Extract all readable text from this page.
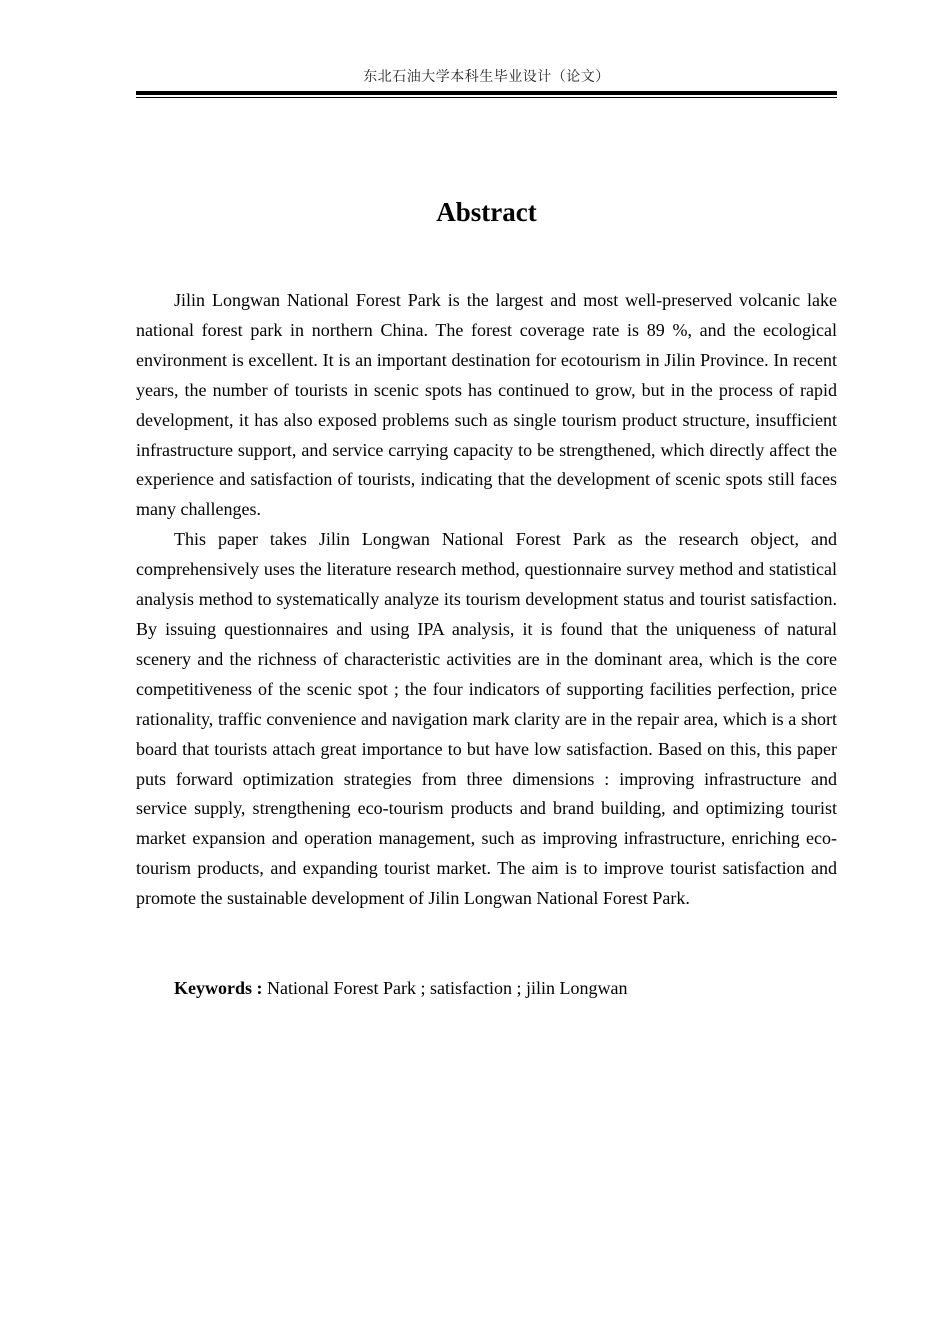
东北石油大学本科生毕业设计（论文）
Abstract

Jilin Longwan National Forest Park is the largest and most well-preserved volcanic lake national forest park in northern China. The forest coverage rate is 89 %, and the ecological environment is excellent. It is an important destination for ecotourism in Jilin Province. In recent years, the number of tourists in scenic spots has continued to grow, but in the process of rapid development, it has also exposed problems such as single tourism product structure, insufficient infrastructure support, and service carrying capacity to be strengthened, which directly affect the experience and satisfaction of tourists, indicating that the development of scenic spots still faces many challenges.

This paper takes Jilin Longwan National Forest Park as the research object, and comprehensively uses the literature research method, questionnaire survey method and statistical analysis method to systematically analyze its tourism development status and tourist satisfaction. By issuing questionnaires and using IPA analysis, it is found that the uniqueness of natural scenery and the richness of characteristic activities are in the dominant area, which is the core competitiveness of the scenic spot ; the four indicators of supporting facilities perfection, price rationality, traffic convenience and navigation mark clarity are in the repair area, which is a short board that tourists attach great importance to but have low satisfaction. Based on this, this paper puts forward optimization strategies from three dimensions : improving infrastructure and service supply, strengthening eco-tourism products and brand building, and optimizing tourist market expansion and operation management, such as improving infrastructure, enriching eco-tourism products, and expanding tourist market. The aim is to improve tourist satisfaction and promote the sustainable development of Jilin Longwan National Forest Park.

Keywords : National Forest Park ; satisfaction ; jilin Longwan
